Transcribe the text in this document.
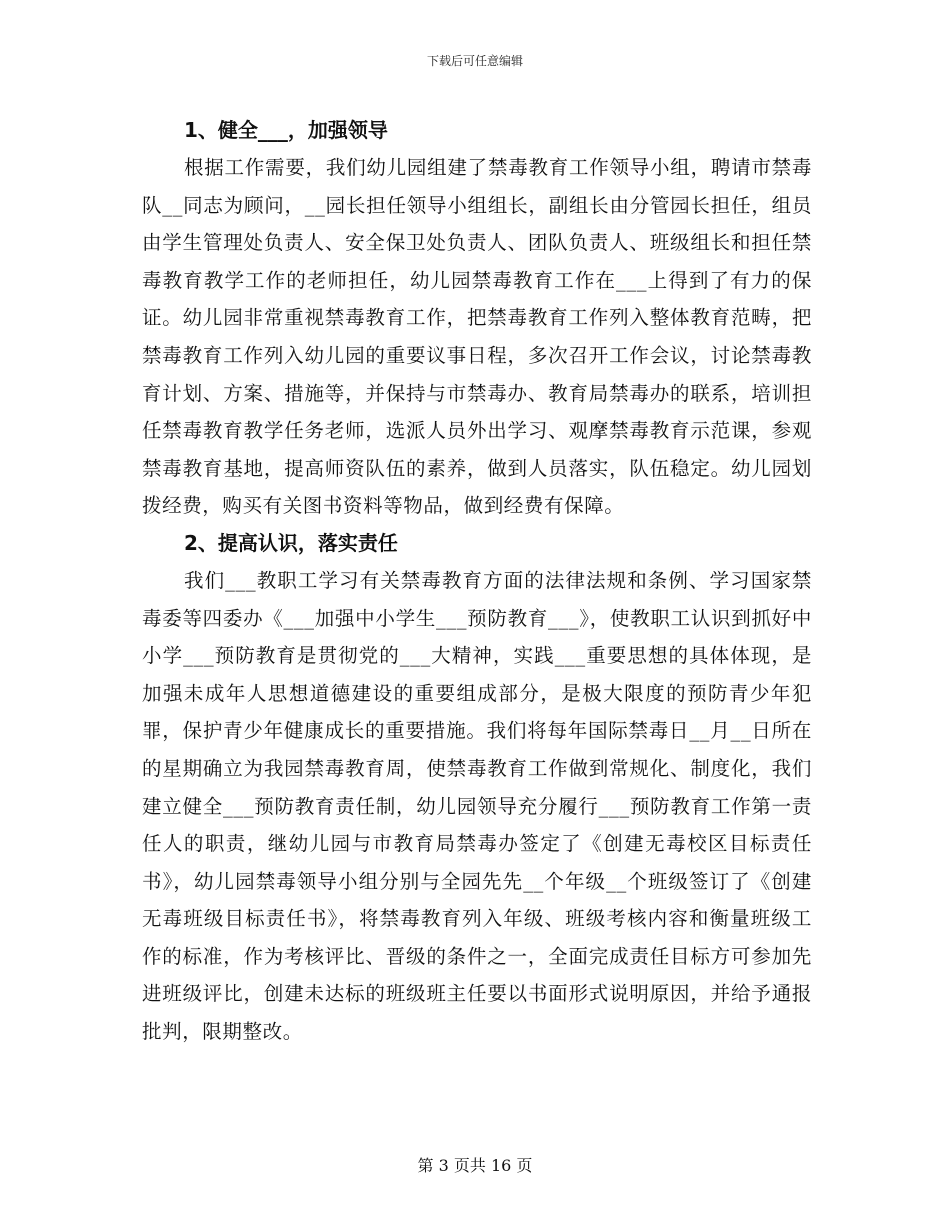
下载后可任意编辑
1、健全___，加强领导

根据工作需要，我们幼儿园组建了禁毒教育工作领导小组，聘请市禁毒队__同志为顾问，__园长担任领导小组组长，副组长由分管园长担任，组员由学生管理处负责人、安全保卫处负责人、团队负责人、班级组长和担任禁毒教育教学工作的老师担任，幼儿园禁毒教育工作在___上得到了有力的保证。幼儿园非常重视禁毒教育工作，把禁毒教育工作列入整体教育范畴，把禁毒教育工作列入幼儿园的重要议事日程，多次召开工作会议，讨论禁毒教育计划、方案、措施等，并保持与市禁毒办、教育局禁毒办的联系，培训担任禁毒教育教学任务老师，选派人员外出学习、观摩禁毒教育示范课，参观禁毒教育基地，提高师资队伍的素养，做到人员落实，队伍稳定。幼儿园划拨经费，购买有关图书资料等物品，做到经费有保障。

2、提高认识，落实责任

我们___教职工学习有关禁毒教育方面的法律法规和条例、学习国家禁毒委等四委办《___加强中小学生___预防教育___》，使教职工认识到抓好中小学___预防教育是贯彻党的___大精神，实践___重要思想的具体体现，是加强未成年人思想道德建设的重要组成部分，是极大限度的预防青少年犯罪，保护青少年健康成长的重要措施。我们将每年国际禁毒日__月__日所在的星期确立为我园禁毒教育周，使禁毒教育工作做到常规化、制度化，我们建立健全___预防教育责任制，幼儿园领导充分履行___预防教育工作第一责任人的职责，继幼儿园与市教育局禁毒办签定了《创建无毒校区目标责任书》，幼儿园禁毒领导小组分别与全园先先__个年级__个班级签订了《创建无毒班级目标责任书》，将禁毒教育列入年级、班级考核内容和衡量班级工作的标准，作为考核评比、晋级的条件之一，全面完成责任目标方可参加先进班级评比，创建未达标的班级班主任要以书面形式说明原因，并给予通报批判，限期整改。

第 3 页共 16 页
